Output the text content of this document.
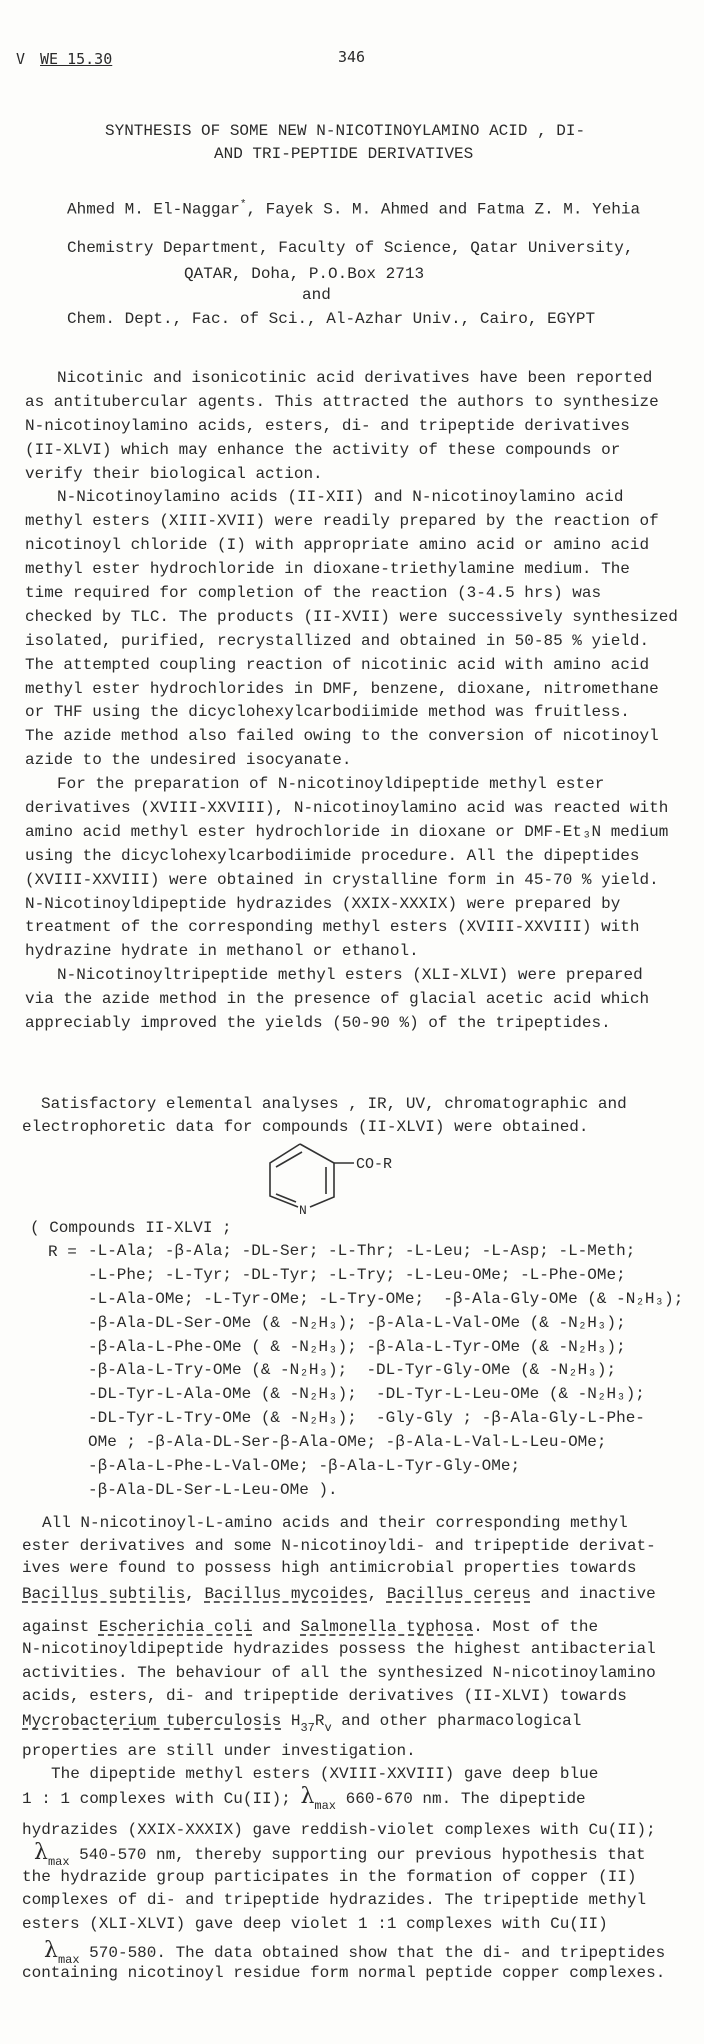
V WE 15.30	346
SYNTHESIS OF SOME NEW N-NICOTINOYLAMINO ACID , DI-
AND TRI-PEPTIDE DERIVATIVES
Ahmed M. El-Naggar*, Fayek S. M. Ahmed and Fatma Z. M. Yehia
Chemistry Department, Faculty of Science, Qatar University,
QATAR, Doha, P.O.Box 2713
and
Chem. Dept., Fac. of Sci., Al-Azhar Univ., Cairo, EGYPT
Nicotinic and isonicotinic acid derivatives have been reported
as antitubercular agents. This attracted the authors to synthesize
N-nicotinoylamino acids, esters, di- and tripeptide derivatives
(II-XLVI) which may enhance the activity of these compounds or
verify their biological action.
N-Nicotinoylamino acids (II-XII) and N-nicotinoylamino acid
methyl esters (XIII-XVII) were readily prepared by the reaction of
nicotinoyl chloride (I) with appropriate amino acid or amino acid
methyl ester hydrochloride in dioxane-triethylamine medium. The
time required for completion of the reaction (3-4.5 hrs) was
checked by TLC. The products (II-XVII) were successively synthesized
isolated, purified, recrystallized and obtained in 50-85 % yield.
The attempted coupling reaction of nicotinic acid with amino acid
methyl ester hydrochlorides in DMF, benzene, dioxane, nitromethane
or THF using the dicyclohexylcarbodiimide method was fruitless.
The azide method also failed owing to the conversion of nicotinoyl
azide to the undesired isocyanate.
For the preparation of N-nicotinoyldipeptide methyl ester
derivatives (XVIII-XXVIII), N-nicotinoylamino acid was reacted with
amino acid methyl ester hydrochloride in dioxane or DMF-Et₃N medium
using the dicyclohexylcarbodiimide procedure. All the dipeptides
(XVIII-XXVIII) were obtained in crystalline form in 45-70 % yield.
N-Nicotinoyldipeptide hydrazides (XXIX-XXXIX) were prepared by
treatment of the corresponding methyl esters (XVIII-XXVIII) with
hydrazine hydrate in methanol or ethanol.
N-Nicotinoyltripeptide methyl esters (XLI-XLVI) were prepared
via the azide method in the presence of glacial acetic acid which
appreciably improved the yields (50-90 %) of the tripeptides.
Satisfactory elemental analyses , IR, UV, chromatographic and
electrophoretic data for compounds (II-XLVI) were obtained.
CO-R
N
( Compounds II-XLVI ;
R = -L-Ala; -β-Ala; -DL-Ser; -L-Thr; -L-Leu; -L-Asp; -L-Meth;
-L-Phe; -L-Tyr; -DL-Tyr; -L-Try; -L-Leu-OMe; -L-Phe-OMe;
-L-Ala-OMe; -L-Tyr-OMe; -L-Try-OMe;  -β-Ala-Gly-OMe (& -N₂H₃);
-β-Ala-DL-Ser-OMe (& -N₂H₃); -β-Ala-L-Val-OMe (& -N₂H₃);
-β-Ala-L-Phe-OMe ( & -N₂H₃); -β-Ala-L-Tyr-OMe (& -N₂H₃);
-β-Ala-L-Try-OMe (& -N₂H₃);  -DL-Tyr-Gly-OMe (& -N₂H₃);
-DL-Tyr-L-Ala-OMe (& -N₂H₃);  -DL-Tyr-L-Leu-OMe (& -N₂H₃);
-DL-Tyr-L-Try-OMe (& -N₂H₃);  -Gly-Gly ; -β-Ala-Gly-L-Phe-
OMe ; -β-Ala-DL-Ser-β-Ala-OMe; -β-Ala-L-Val-L-Leu-OMe;
-β-Ala-L-Phe-L-Val-OMe; -β-Ala-L-Tyr-Gly-OMe;
-β-Ala-DL-Ser-L-Leu-OMe ).
All N-nicotinoyl-L-amino acids and their corresponding methyl
ester derivatives and some N-nicotinoyldi- and tripeptide derivat-
ives were found to possess high antimicrobial properties towards
Bacillus subtilis, Bacillus mycoides, Bacillus cereus and inactive
against Escherichia coli and Salmonella typhosa. Most of the
N-nicotinoyldipeptide hydrazides possess the highest antibacterial
activities. The behaviour of all the synthesized N-nicotinoylamino
acids, esters, di- and tripeptide derivatives (II-XLVI) towards
Mycrobacterium tuberculosis $H_{37}R_v$ and other pharmacological
properties are still under investigation.
The dipeptide methyl esters (XVIII-XXVIII) gave deep blue
1 : 1 complexes with Cu(II); $\lambda_{max}$ 660-670 nm. The dipeptide
hydrazides (XXIX-XXXIX) gave reddish-violet complexes with Cu(II);
$\lambda_{max}$ 540-570 nm, thereby supporting our previous hypothesis that
the hydrazide group participates in the formation of copper (II)
complexes of di- and tripeptide hydrazides. The tripeptide methyl
esters (XLI-XLVI) gave deep violet 1 :1 complexes with Cu(II)
$\lambda_{max}$ 570-580. The data obtained show that the di- and tripeptides
containing nicotinoyl residue form normal peptide copper complexes.
